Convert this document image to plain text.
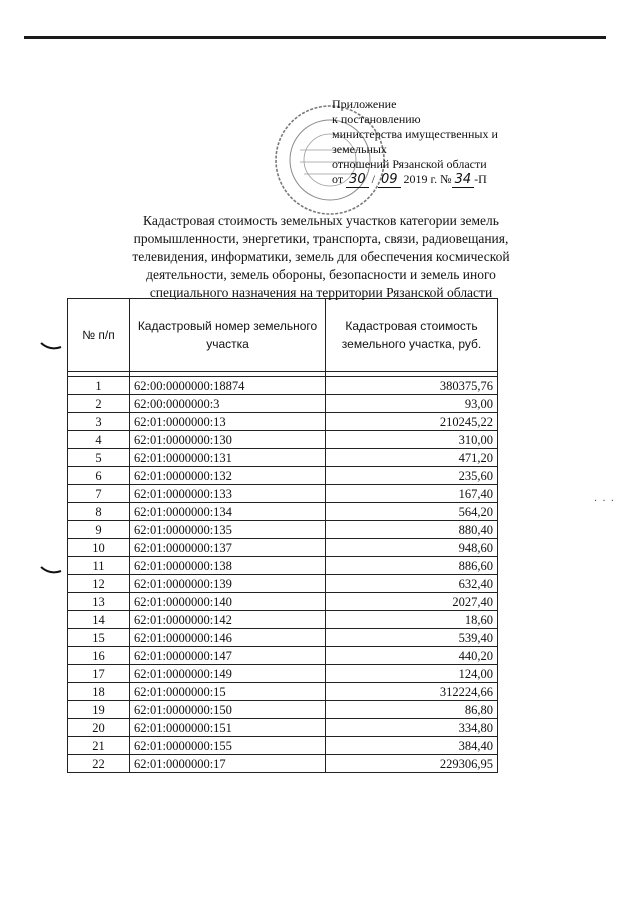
Приложение
к постановлению
министерства имущественных и
земельных
отношений Рязанской области
от 30 / 09 2019 г. № 34 -П
Кадастровая стоимость земельных участков категории земель
промышленности, энергетики, транспорта, связи, радиовещания,
телевидения, информатики, земель для обеспечения космической
деятельности, земель обороны, безопасности и земель иного
специального назначения на территории Рязанской области
№ п/п	Кадастровый номер земельного участка	Кадастровая стоимость земельного участка, руб.

1	62:00:0000000:18874	380375,76
2	62:00:0000000:3	93,00
3	62:01:0000000:13	210245,22
4	62:01:0000000:130	310,00
5	62:01:0000000:131	471,20
6	62:01:0000000:132	235,60
7	62:01:0000000:133	167,40
8	62:01:0000000:134	564,20
9	62:01:0000000:135	880,40
10	62:01:0000000:137	948,60
11	62:01:0000000:138	886,60
12	62:01:0000000:139	632,40
13	62:01:0000000:140	2027,40
14	62:01:0000000:142	18,60
15	62:01:0000000:146	539,40
16	62:01:0000000:147	440,20
17	62:01:0000000:149	124,00
18	62:01:0000000:15	312224,66
19	62:01:0000000:150	86,80
20	62:01:0000000:151	334,80
21	62:01:0000000:155	384,40
22	62:01:0000000:17	229306,95
· · ·
